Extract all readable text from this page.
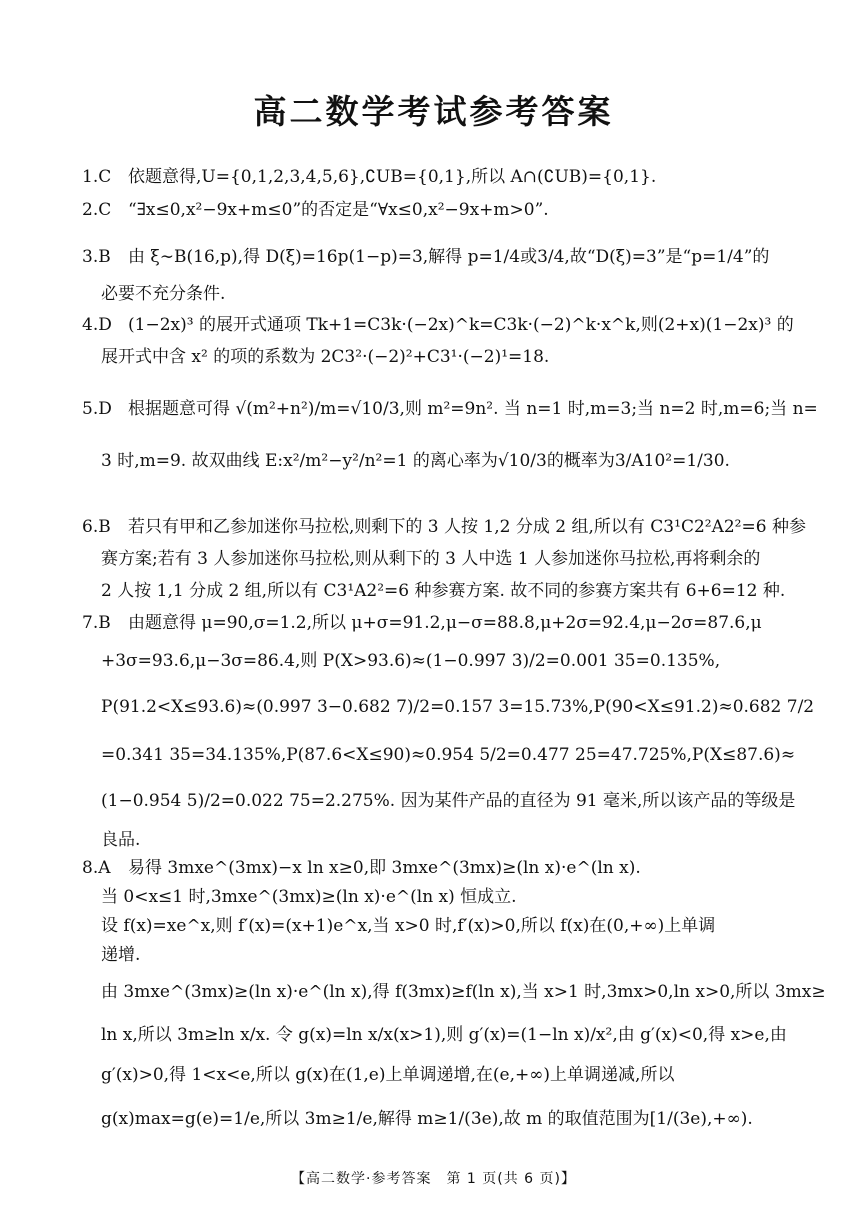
高二数学考试参考答案
1.C 依题意得,U={0,1,2,3,4,5,6},∁UB={0,1},所以 A∩(∁UB)={0,1}.
2.C “∃x≤0,x²−9x+m≤0”的否定是“∀x≤0,x²−9x+m>0”.
3.B 由 ξ∼B(16,p),得 D(ξ)=16p(1−p)=3,解得 p=1/4或3/4,故“D(ξ)=3”是“p=1/4”的
必要不充分条件.
4.D (1−2x)³ 的展开式通项 Tk+1=C3k·(−2x)^k=C3k·(−2)^k·x^k,则(2+x)(1−2x)³ 的
展开式中含 x² 的项的系数为 2C3²·(−2)²+C3¹·(−2)¹=18.
5.D 根据题意可得 √(m²+n²)/m=√10/3,则 m²=9n². 当 n=1 时,m=3;当 n=2 时,m=6;当 n=
3 时,m=9. 故双曲线 E:x²/m²−y²/n²=1 的离心率为√10/3的概率为3/A10²=1/30.
6.B 若只有甲和乙参加迷你马拉松,则剩下的 3 人按 1,2 分成 2 组,所以有 C3¹C2²A2²=6 种参
赛方案;若有 3 人参加迷你马拉松,则从剩下的 3 人中选 1 人参加迷你马拉松,再将剩余的
2 人按 1,1 分成 2 组,所以有 C3¹A2²=6 种参赛方案. 故不同的参赛方案共有 6+6=12 种.
7.B 由题意得 μ=90,σ=1.2,所以 μ+σ=91.2,μ−σ=88.8,μ+2σ=92.4,μ−2σ=87.6,μ
+3σ=93.6,μ−3σ=86.4,则 P(X>93.6)≈(1−0.997 3)/2=0.001 35=0.135%,
P(91.2<X≤93.6)≈(0.997 3−0.682 7)/2=0.157 3=15.73%,P(90<X≤91.2)≈0.682 7/2
=0.341 35=34.135%,P(87.6<X≤90)≈0.954 5/2=0.477 25=47.725%,P(X≤87.6)≈
(1−0.954 5)/2=0.022 75=2.275%. 因为某件产品的直径为 91 毫米,所以该产品的等级是
良品.
8.A 易得 3mxe^(3mx)−x ln x≥0,即 3mxe^(3mx)≥(ln x)·e^(ln x).
当 0<x≤1 时,3mxe^(3mx)≥(ln x)·e^(ln x) 恒成立.
设 f(x)=xe^x,则 f′(x)=(x+1)e^x,当 x>0 时,f′(x)>0,所以 f(x)在(0,+∞)上单调
递增.
由 3mxe^(3mx)≥(ln x)·e^(ln x),得 f(3mx)≥f(ln x),当 x>1 时,3mx>0,ln x>0,所以 3mx≥
ln x,所以 3m≥ln x/x. 令 g(x)=ln x/x(x>1),则 g′(x)=(1−ln x)/x²,由 g′(x)<0,得 x>e,由
g′(x)>0,得 1<x<e,所以 g(x)在(1,e)上单调递增,在(e,+∞)上单调递减,所以
g(x)max=g(e)=1/e,所以 3m≥1/e,解得 m≥1/(3e),故 m 的取值范围为[1/(3e),+∞).
【高二数学·参考答案　第 1 页(共 6 页)】
